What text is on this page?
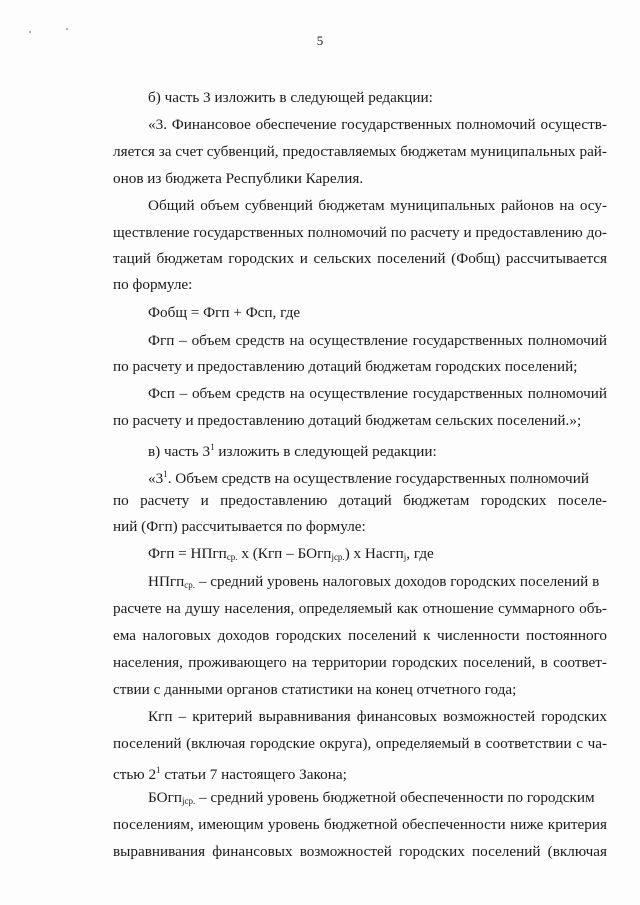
5
б) часть 3 изложить в следующей редакции:
«3. Финансовое обеспечение государственных полномочий осуществ-
ляется за счет субвенций, предоставляемых бюджетам муниципальных рай-
онов из бюджета Республики Карелия.
Общий объем субвенций бюджетам муниципальных районов на осу-
ществление государственных полномочий по расчету и предоставлению до-
таций бюджетам городских и сельских поселений (Фобщ) рассчитывается
по формуле:
Фобщ = Фгп + Фсп, где
Фгп – объем средств на осуществление государственных полномочий
по расчету и предоставлению дотаций бюджетам городских поселений;
Фсп – объем средств на осуществление государственных полномочий
по расчету и предоставлению дотаций бюджетам сельских поселений.»;
в) часть $3^1$ изложить в следующей редакции:
«$3^1$. Объем средств на осуществление государственных полномочий
по расчету и предоставлению дотаций бюджетам городских поселе-
ний (Фгп) рассчитывается по формуле:
Фгп = НПгп$_{ср.}$ х (Кгп – БОгп$_{jср.}$) х Насгп$_j$, где
НПгп$_{ср.}$ – средний уровень налоговых доходов городских поселений в
расчете на душу населения, определяемый как отношение суммарного объ-
ема налоговых доходов городских поселений к численности постоянного
населения, проживающего на территории городских поселений, в соответ-
ствии с данными органов статистики на конец отчетного года;
Кгп – критерий выравнивания финансовых возможностей городских
поселений (включая городские округа), определяемый в соответствии с ча-
стью $2^1$ статьи 7 настоящего Закона;
БОгп$_{jср.}$ – средний уровень бюджетной обеспеченности по городским
поселениям, имеющим уровень бюджетной обеспеченности ниже критерия
выравнивания финансовых возможностей городских поселений (включая
